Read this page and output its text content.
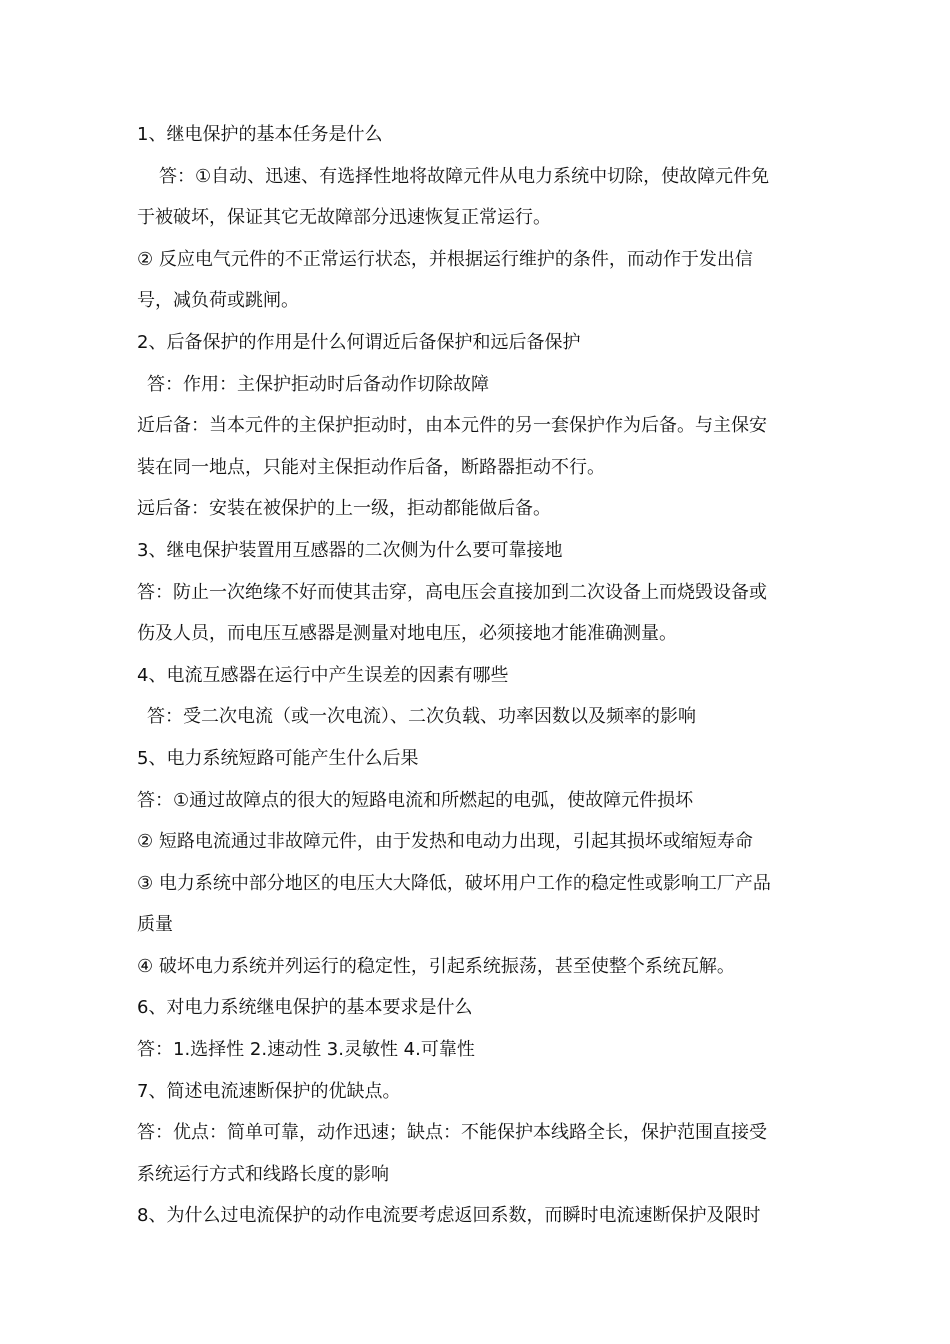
1、继电保护的基本任务是什么
答：①自动、迅速、有选择性地将故障元件从电力系统中切除，使故障元件免
于被破坏，保证其它无故障部分迅速恢复正常运行。
② 反应电气元件的不正常运行状态，并根据运行维护的条件，而动作于发出信
号，减负荷或跳闸。
2、后备保护的作用是什么何谓近后备保护和远后备保护
答：作用：主保护拒动时后备动作切除故障
近后备：当本元件的主保护拒动时，由本元件的另一套保护作为后备。与主保安
装在同一地点，只能对主保拒动作后备，断路器拒动不行。
远后备：安装在被保护的上一级，拒动都能做后备。
3、继电保护装置用互感器的二次侧为什么要可靠接地
答：防止一次绝缘不好而使其击穿，高电压会直接加到二次设备上而烧毁设备或
伤及人员，而电压互感器是测量对地电压，必须接地才能准确测量。
4、电流互感器在运行中产生误差的因素有哪些
答：受二次电流（或一次电流）、二次负载、功率因数以及频率的影响
5、电力系统短路可能产生什么后果
答：①通过故障点的很大的短路电流和所燃起的电弧，使故障元件损坏
② 短路电流通过非故障元件，由于发热和电动力出现，引起其损坏或缩短寿命
③ 电力系统中部分地区的电压大大降低，破坏用户工作的稳定性或影响工厂产品
质量
④ 破坏电力系统并列运行的稳定性，引起系统振荡，甚至使整个系统瓦解。
6、对电力系统继电保护的基本要求是什么
答：1.选择性 2.速动性 3.灵敏性 4.可靠性
7、简述电流速断保护的优缺点。
答：优点：简单可靠，动作迅速；缺点：不能保护本线路全长，保护范围直接受
系统运行方式和线路长度的影响
8、为什么过电流保护的动作电流要考虑返回系数，而瞬时电流速断保护及限时
